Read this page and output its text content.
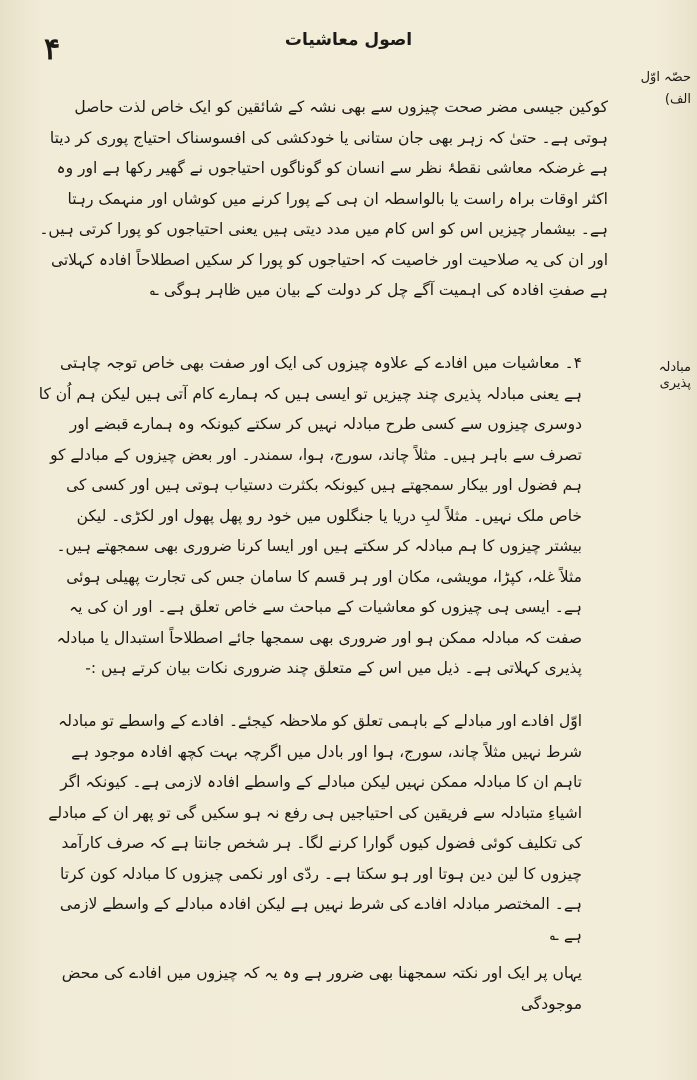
۴	اصول معاشیات
حصّہ اوّل
الف)
مبادلہ پذیری

کوکین جیسی مضر صحت چیزوں سے بھی نشہ کے شائقین کو ایک خاص لذت حاصل ہوتی ہے۔ حتیٰ کہ زہر بھی جان ستانی یا خودکشی کی افسوسناک احتیاج پوری کر دیتا ہے غرضکہ معاشی نقطۂ نظر سے انسان کو گوناگوں احتیاجوں نے گھیر رکھا ہے اور وہ اکثر اوقات براہ راست یا بالواسطہ ان ہی کے پورا کرنے میں کوشاں اور منہمک رہتا ہے۔ بیشمار چیزیں اس کو اس کام میں مدد دیتی ہیں یعنی احتیاجوں کو پورا کرتی ہیں۔ اور ان کی یہ صلاحیت اور خاصیت کہ احتیاجوں کو پورا کر سکیں اصطلاحاً افادہ کہلاتی ہے صفتِ افادہ کی اہمیت آگے چل کر دولت کے بیان میں ظاہر ہوگی ؎

۴۔ معاشیات میں افادے کے علاوہ چیزوں کی ایک اور صفت بھی خاص توجہ چاہتی ہے یعنی مبادلہ پذیری چند چیزیں تو ایسی ہیں کہ ہمارے کام آتی ہیں لیکن ہم اُن کا دوسری چیزوں سے کسی طرح مبادلہ نہیں کر سکتے کیونکہ وہ ہمارے قبضے اور تصرف سے باہر ہیں۔ مثلاً چاند، سورج، ہوا، سمندر۔ اور بعض چیزوں کے مبادلے کو ہم فضول اور بیکار سمجھتے ہیں کیونکہ بکثرت دستیاب ہوتی ہیں اور کسی کی خاص ملک نہیں۔ مثلاً لبِ دریا یا جنگلوں میں خود رو پھل پھول اور لکڑی۔ لیکن بیشتر چیزوں کا ہم مبادلہ کر سکتے ہیں اور ایسا کرنا ضروری بھی سمجھتے ہیں۔ مثلاً غلہ، کپڑا، مویشی، مکان اور ہر قسم کا سامان جس کی تجارت پھیلی ہوئی ہے۔ ایسی ہی چیزوں کو معاشیات کے مباحث سے خاص تعلق ہے۔ اور ان کی یہ صفت کہ مبادلہ ممکن ہو اور ضروری بھی سمجھا جائے اصطلاحاً استبدال یا مبادلہ پذیری کہلاتی ہے۔ ذیل میں اس کے متعلق چند ضروری نکات بیان کرتے ہیں :-

اوّل افادے اور مبادلے کے باہمی تعلق کو ملاحظہ کیجئے۔ افادے کے واسطے تو مبادلہ شرط نہیں مثلاً چاند، سورج، ہوا اور بادل میں اگرچہ بہت کچھ افادہ موجود ہے تاہم ان کا مبادلہ ممکن نہیں لیکن مبادلے کے واسطے افادہ لازمی ہے۔ کیونکہ اگر اشیاءِ متبادلہ سے فریقین کی احتیاجیں ہی رفع نہ ہو سکیں گی تو پھر ان کے مبادلے کی تکلیف کوئی فضول کیوں گوارا کرنے لگا۔ ہر شخص جانتا ہے کہ صرف کارآمد چیزوں کا لین دین ہوتا اور ہو سکتا ہے۔ ردّی اور نکمی چیزوں کا مبادلہ کون کرتا ہے۔ المختصر مبادلہ افادے کی شرط نہیں ہے لیکن افادہ مبادلے کے واسطے لازمی ہے ؎

یہاں پر ایک اور نکتہ سمجھنا بھی ضرور ہے وہ یہ کہ چیزوں میں افادے کی محض موجودگی
